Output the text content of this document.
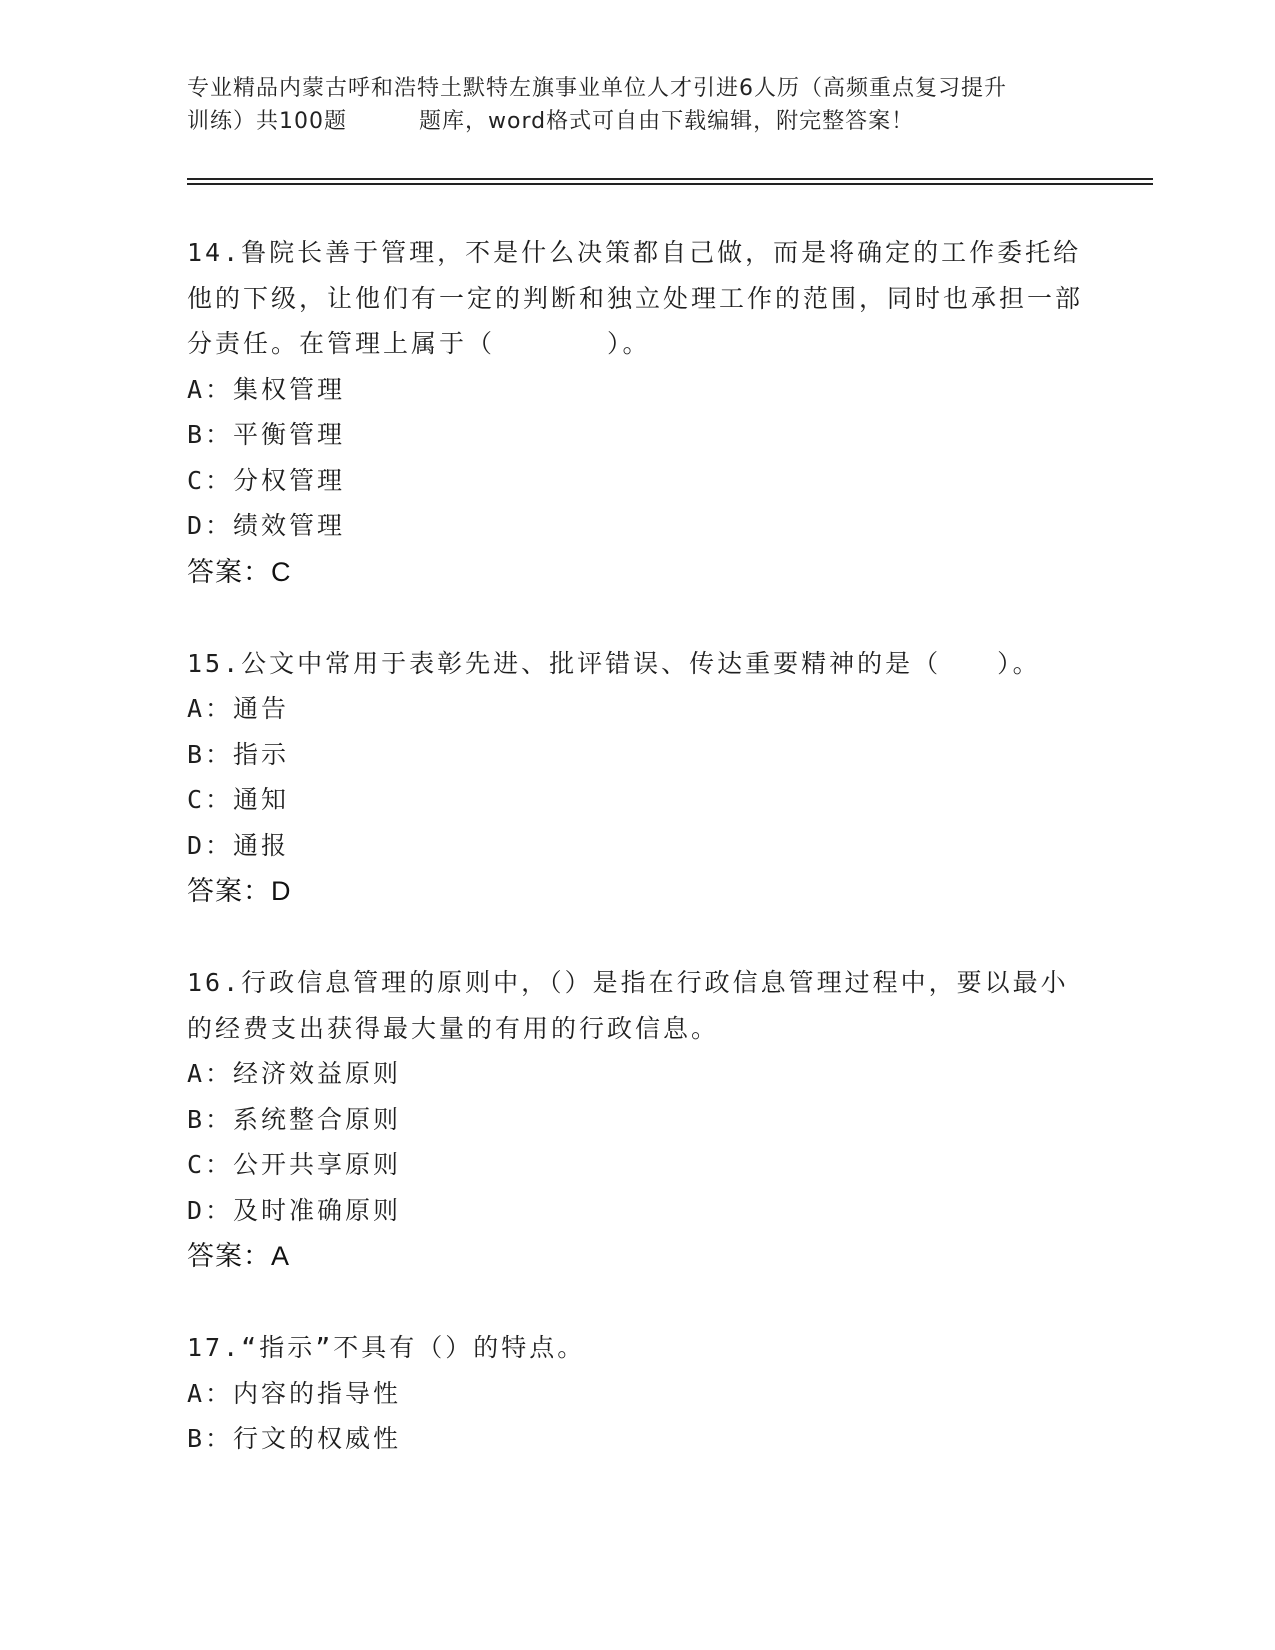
专业精品内蒙古呼和浩特土默特左旗事业单位人才引进6人历（高频重点复习提升
训练）共100题	题库，word格式可自由下载编辑，附完整答案！
14.鲁院长善于管理，不是什么决策都自己做，而是将确定的工作委托给他的下级，让他们有一定的判断和独立处理工作的范围，同时也承担一部分责任。在管理上属于（　　　　）。
A：集权管理
B：平衡管理
C：分权管理
D：绩效管理
答案：C
15.公文中常用于表彰先进、批评错误、传达重要精神的是（　　）。
A：通告
B：指示
C：通知
D：通报
答案：D
16.行政信息管理的原则中，（）是指在行政信息管理过程中，要以最小的经费支出获得最大量的有用的行政信息。
A：经济效益原则
B：系统整合原则
C：公开共享原则
D：及时准确原则
答案：A
17.“指示”不具有（）的特点。
A：内容的指导性
B：行文的权威性
